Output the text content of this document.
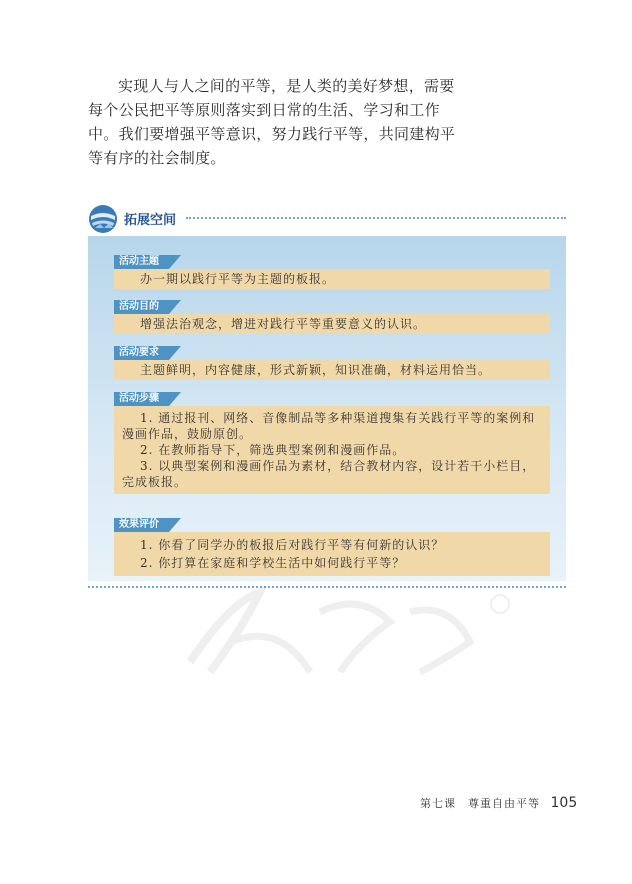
实现人与人之间的平等，是人类的美好梦想，需要每个公民把平等原则落实到日常的生活、学习和工作中。我们要增强平等意识，努力践行平等，共同建构平等有序的社会制度。

拓展空间
活动主题
办一期以践行平等为主题的板报。
活动目的
增强法治观念，增进对践行平等重要意义的认识。
活动要求
主题鲜明，内容健康，形式新颖，知识准确，材料运用恰当。
活动步骤

1. 通过报刊、网络、音像制品等多种渠道搜集有关践行平等的案例和漫画作品，鼓励原创。

2. 在教师指导下，筛选典型案例和漫画作品。

3. 以典型案例和漫画作品为素材，结合教材内容，设计若干小栏目，完成板报。

效果评价

1. 你看了同学办的板报后对践行平等有何新的认识？

2. 你打算在家庭和学校生活中如何践行平等？

第七课　尊重自由平等 105
